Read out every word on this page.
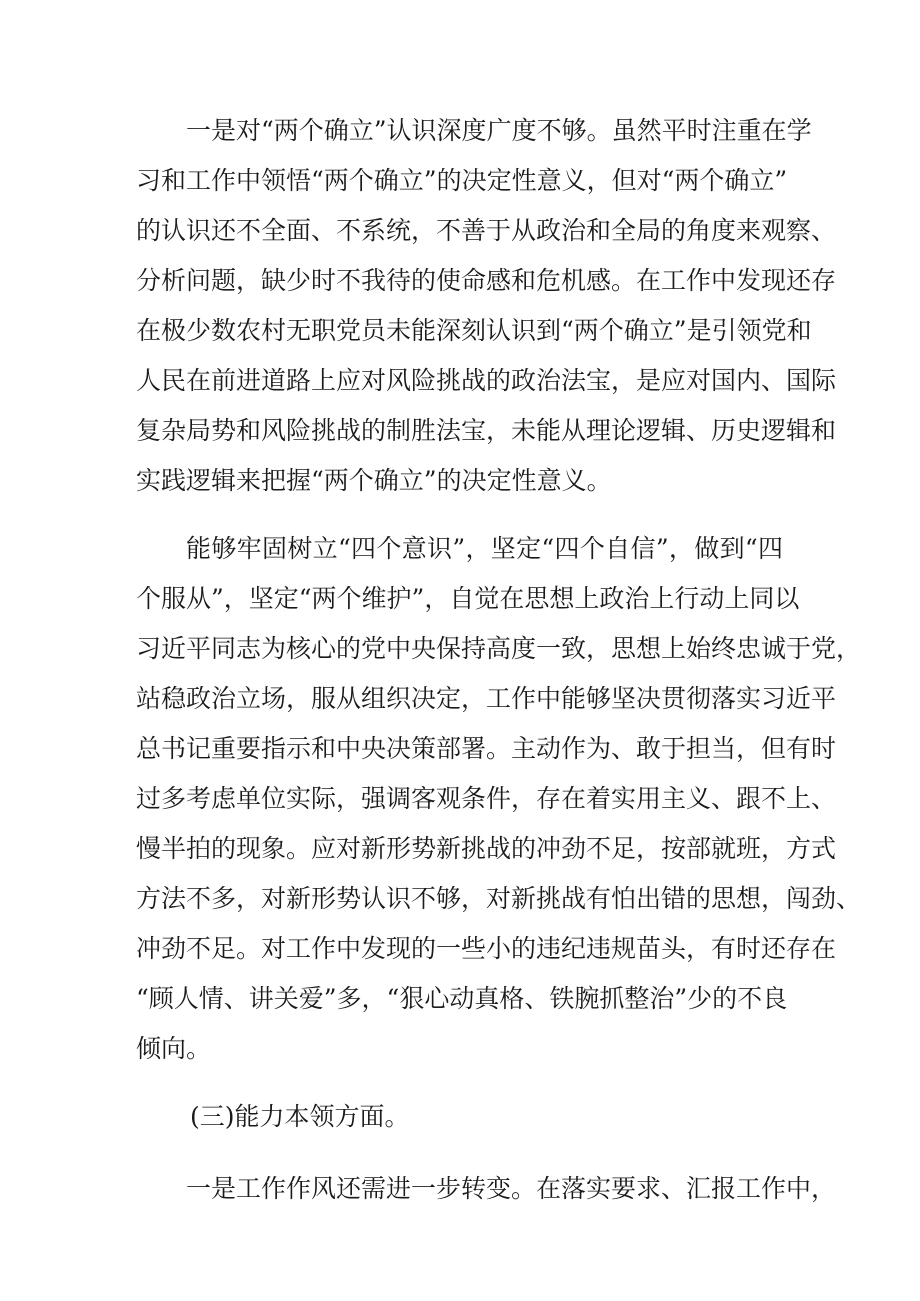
一是对“两个确立”认识深度广度不够。虽然平时注重在学
习和工作中领悟“两个确立”的决定性意义，但对“两个确立”
的认识还不全面、不系统，不善于从政治和全局的角度来观察、
分析问题，缺少时不我待的使命感和危机感。在工作中发现还存
在极少数农村无职党员未能深刻认识到“两个确立”是引领党和
人民在前进道路上应对风险挑战的政治法宝，是应对国内、国际
复杂局势和风险挑战的制胜法宝，未能从理论逻辑、历史逻辑和
实践逻辑来把握“两个确立”的决定性意义。
能够牢固树立“四个意识”，坚定“四个自信”，做到“四
个服从”，坚定“两个维护”，自觉在思想上政治上行动上同以
习近平同志为核心的党中央保持高度一致，思想上始终忠诚于党，
站稳政治立场，服从组织决定，工作中能够坚决贯彻落实习近平
总书记重要指示和中央决策部署。主动作为、敢于担当，但有时
过多考虑单位实际，强调客观条件，存在着实用主义、跟不上、
慢半拍的现象。应对新形势新挑战的冲劲不足，按部就班，方式
方法不多，对新形势认识不够，对新挑战有怕出错的思想，闯劲、
冲劲不足。对工作中发现的一些小的违纪违规苗头，有时还存在
“顾人情、讲关爱”多，“狠心动真格、铁腕抓整治”少的不良
倾向。
(三)能力本领方面。
一是工作作风还需进一步转变。在落实要求、汇报工作中，
